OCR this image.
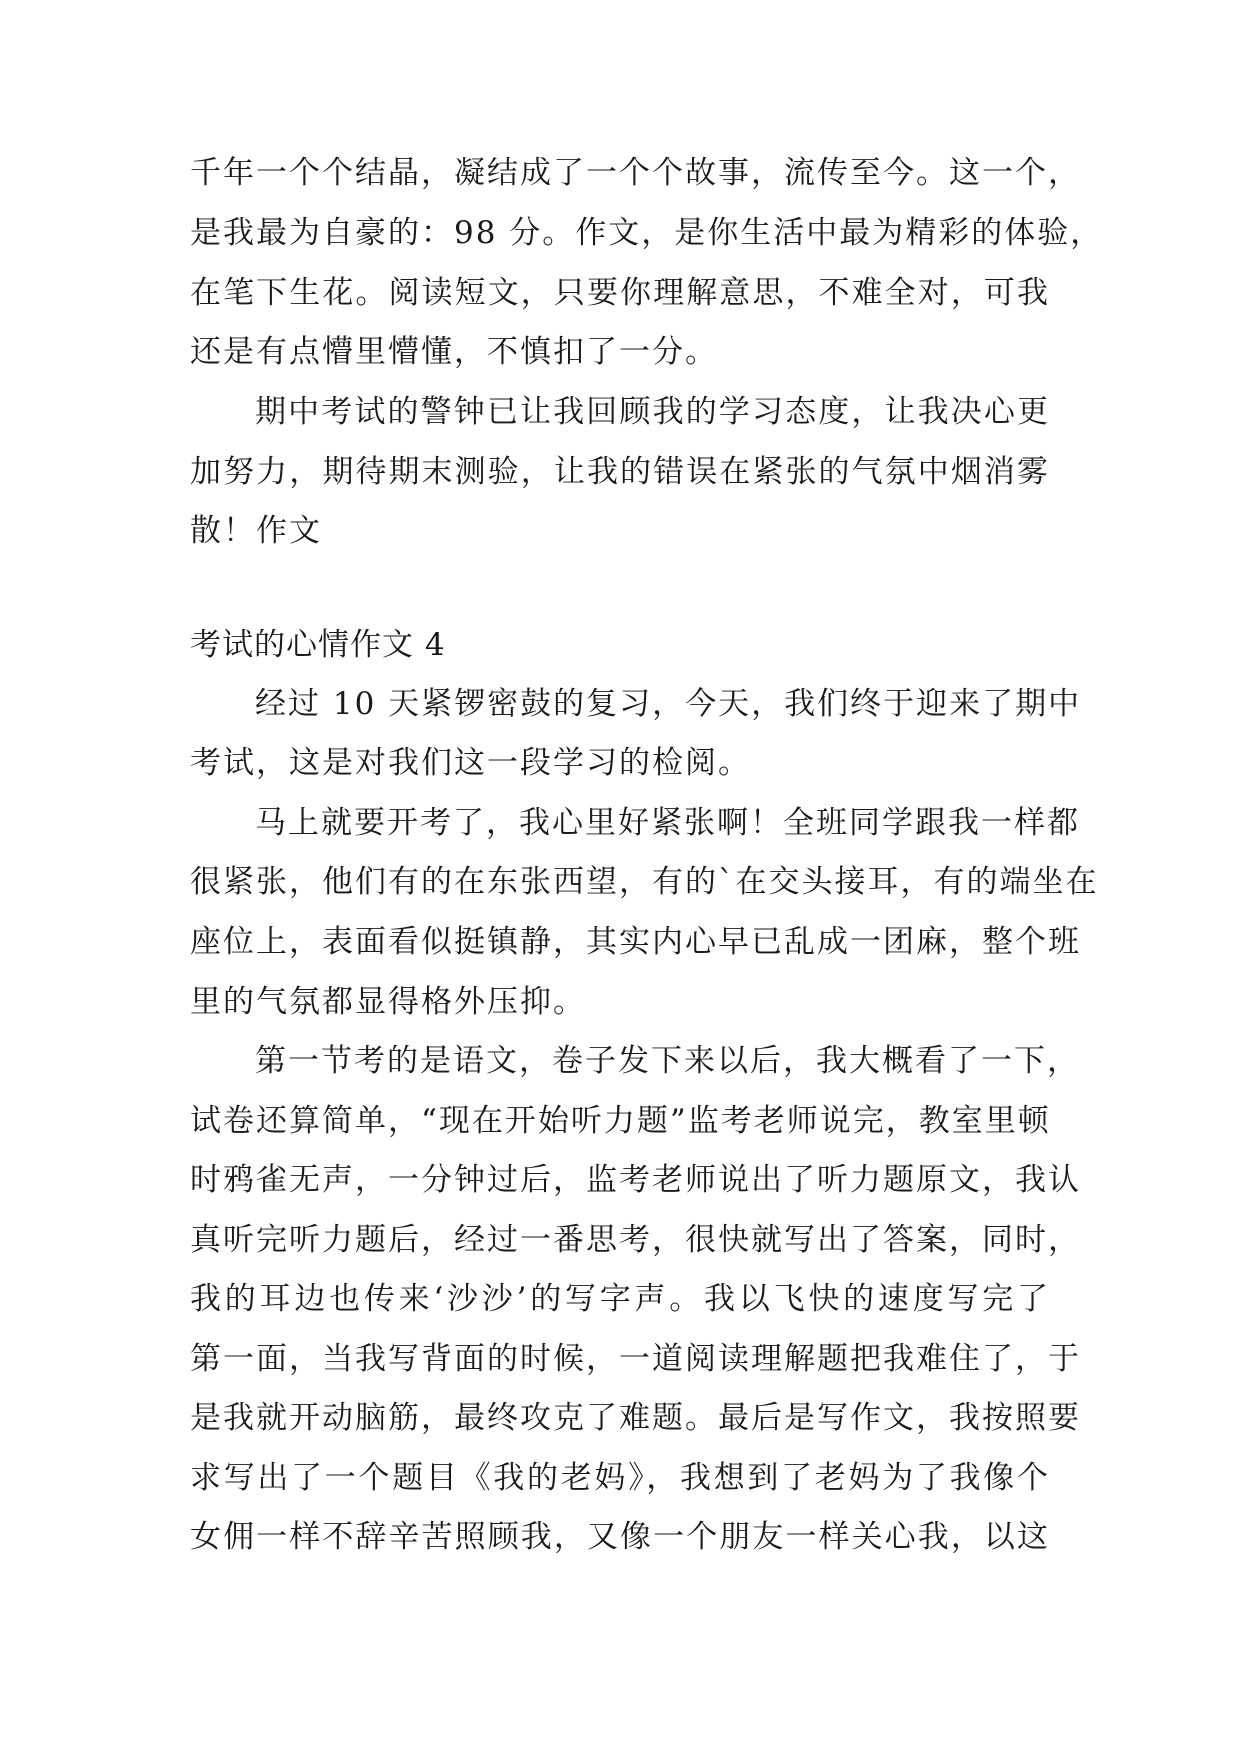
千年一个个结晶，凝结成了一个个故事，流传至今。这一个，
是我最为自豪的：98 分。作文，是你生活中最为精彩的体验，
在笔下生花。阅读短文，只要你理解意思，不难全对，可我
还是有点懵里懵懂，不慎扣了一分。
期中考试的警钟已让我回顾我的学习态度，让我决心更
加努力，期待期末测验，让我的错误在紧张的气氛中烟消雾
散！作文
考试的心情作文 4
经过 10 天紧锣密鼓的复习，今天，我们终于迎来了期中
考试，这是对我们这一段学习的检阅。
马上就要开考了，我心里好紧张啊！全班同学跟我一样都
很紧张，他们有的在东张西望，有的`在交头接耳，有的端坐在
座位上，表面看似挺镇静，其实内心早已乱成一团麻，整个班
里的气氛都显得格外压抑。
第一节考的是语文，卷子发下来以后，我大概看了一下，
试卷还算简单，“现在开始听力题”监考老师说完，教室里顿
时鸦雀无声，一分钟过后，监考老师说出了听力题原文，我认
真听完听力题后，经过一番思考，很快就写出了答案，同时，
我的耳边也传来‘沙沙’的写字声。我以飞快的速度写完了
第一面，当我写背面的时候，一道阅读理解题把我难住了，于
是我就开动脑筋，最终攻克了难题。最后是写作文，我按照要
求写出了一个题目《我的老妈》，我想到了老妈为了我像个
女佣一样不辞辛苦照顾我，又像一个朋友一样关心我，以这
